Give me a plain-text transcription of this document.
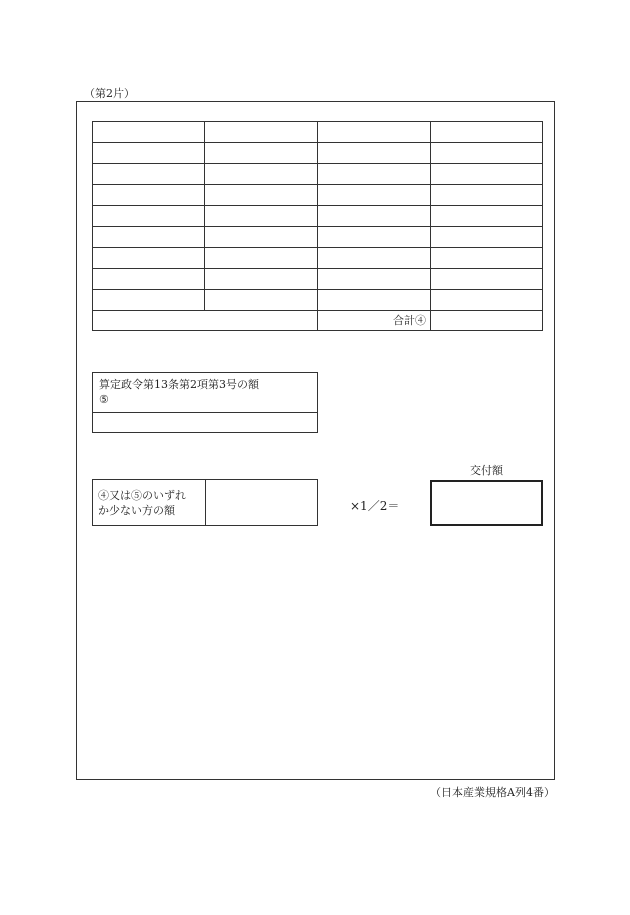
（第2片）
合計④
算定政令第13条第2項第3号の額
⑤
④又は⑤のいずれ
か少ない方の額	×1／2＝
交付額
（日本産業規格A列4番）
